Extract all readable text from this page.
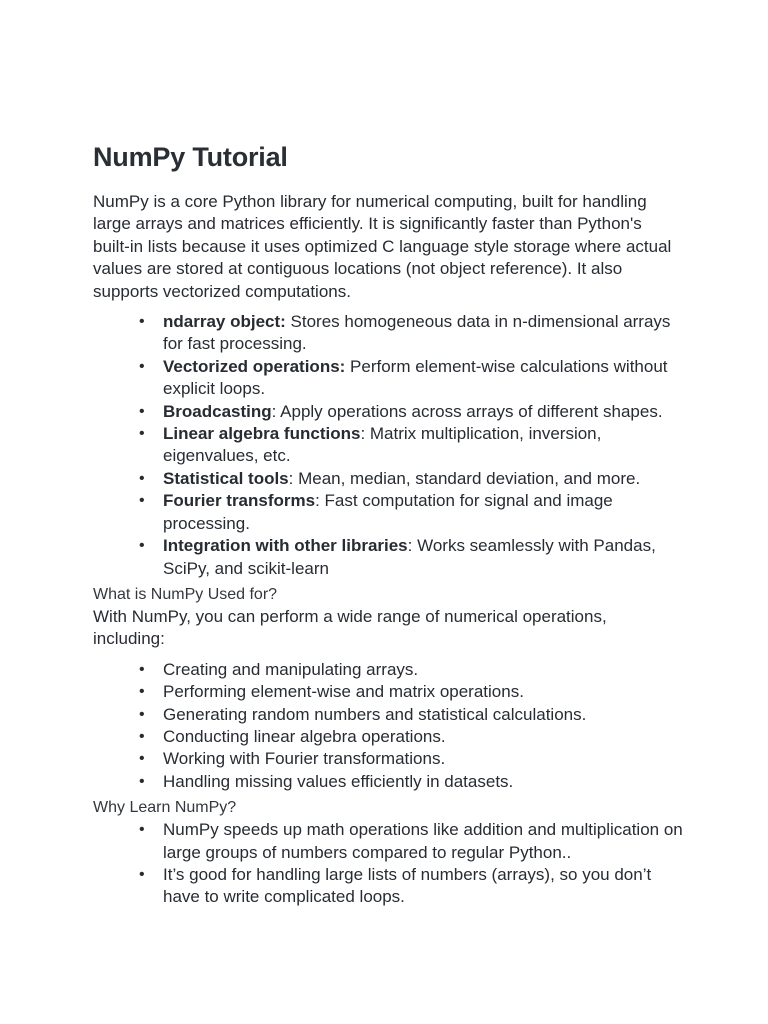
NumPy Tutorial

NumPy is a core Python library for numerical computing, built for handling large arrays and matrices efficiently. It is significantly faster than Python's built-in lists because it uses optimized C language style storage where actual values are stored at contiguous locations (not object reference). It also supports vectorized computations.

• ndarray object: Stores homogeneous data in n-dimensional arrays for fast processing.
• Vectorized operations: Perform element-wise calculations without explicit loops.
• Broadcasting: Apply operations across arrays of different shapes.
• Linear algebra functions: Matrix multiplication, inversion, eigenvalues, etc.
• Statistical tools: Mean, median, standard deviation, and more.
• Fourier transforms: Fast computation for signal and image processing.
• Integration with other libraries: Works seamlessly with Pandas, SciPy, and scikit-learn

What is NumPy Used for?

With NumPy, you can perform a wide range of numerical operations, including:

• Creating and manipulating arrays.
• Performing element-wise and matrix operations.
• Generating random numbers and statistical calculations.
• Conducting linear algebra operations.
• Working with Fourier transformations.
• Handling missing values efficiently in datasets.

Why Learn NumPy?

• NumPy speeds up math operations like addition and multiplication on large groups of numbers compared to regular Python..
• It’s good for handling large lists of numbers (arrays), so you don’t have to write complicated loops.
